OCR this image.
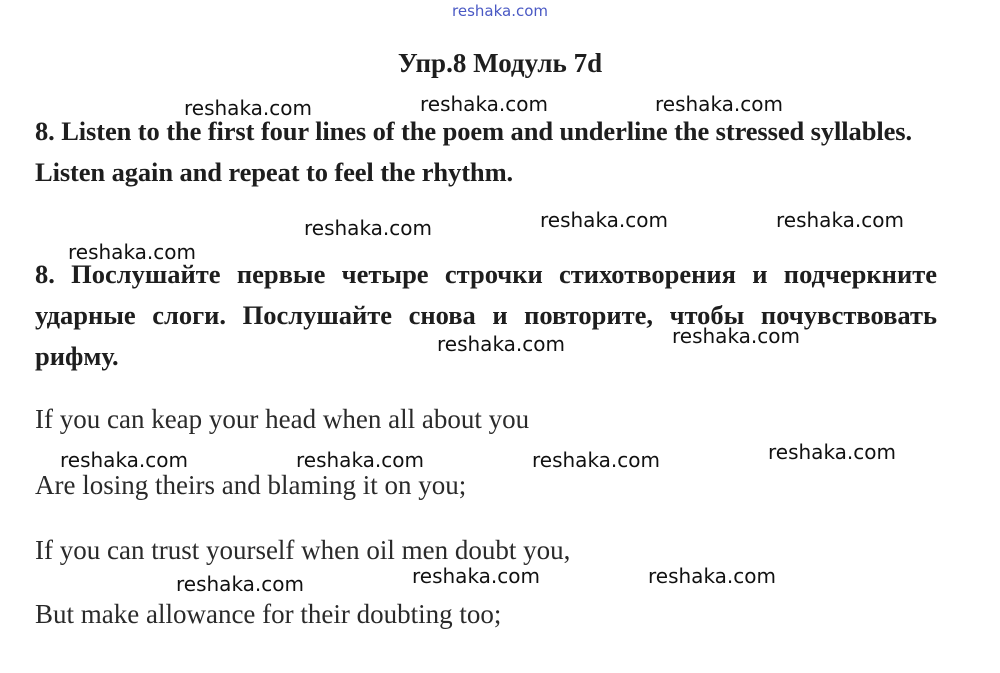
reshaka.com
Упр.8 Модуль 7d
8. Listen to the first four lines of the poem and underline the stressed syllables. Listen again and repeat to feel the rhythm.
8. Послушайте первые четыре строчки стихотворения и подчеркните ударные слоги. Послушайте снова и повторите, чтобы почувствовать рифму.
If you can keap your head when all about you
Are losing theirs and blaming it on you;
If you can trust yourself when oil men doubt you,
But make allowance for their doubting too;
reshaka.com	reshaka.com	reshaka.com
reshaka.com	reshaka.com	reshaka.com
reshaka.com
reshaka.com	reshaka.com
reshaka.com	reshaka.com	reshaka.com	reshaka.com
reshaka.com	reshaka.com	reshaka.com
